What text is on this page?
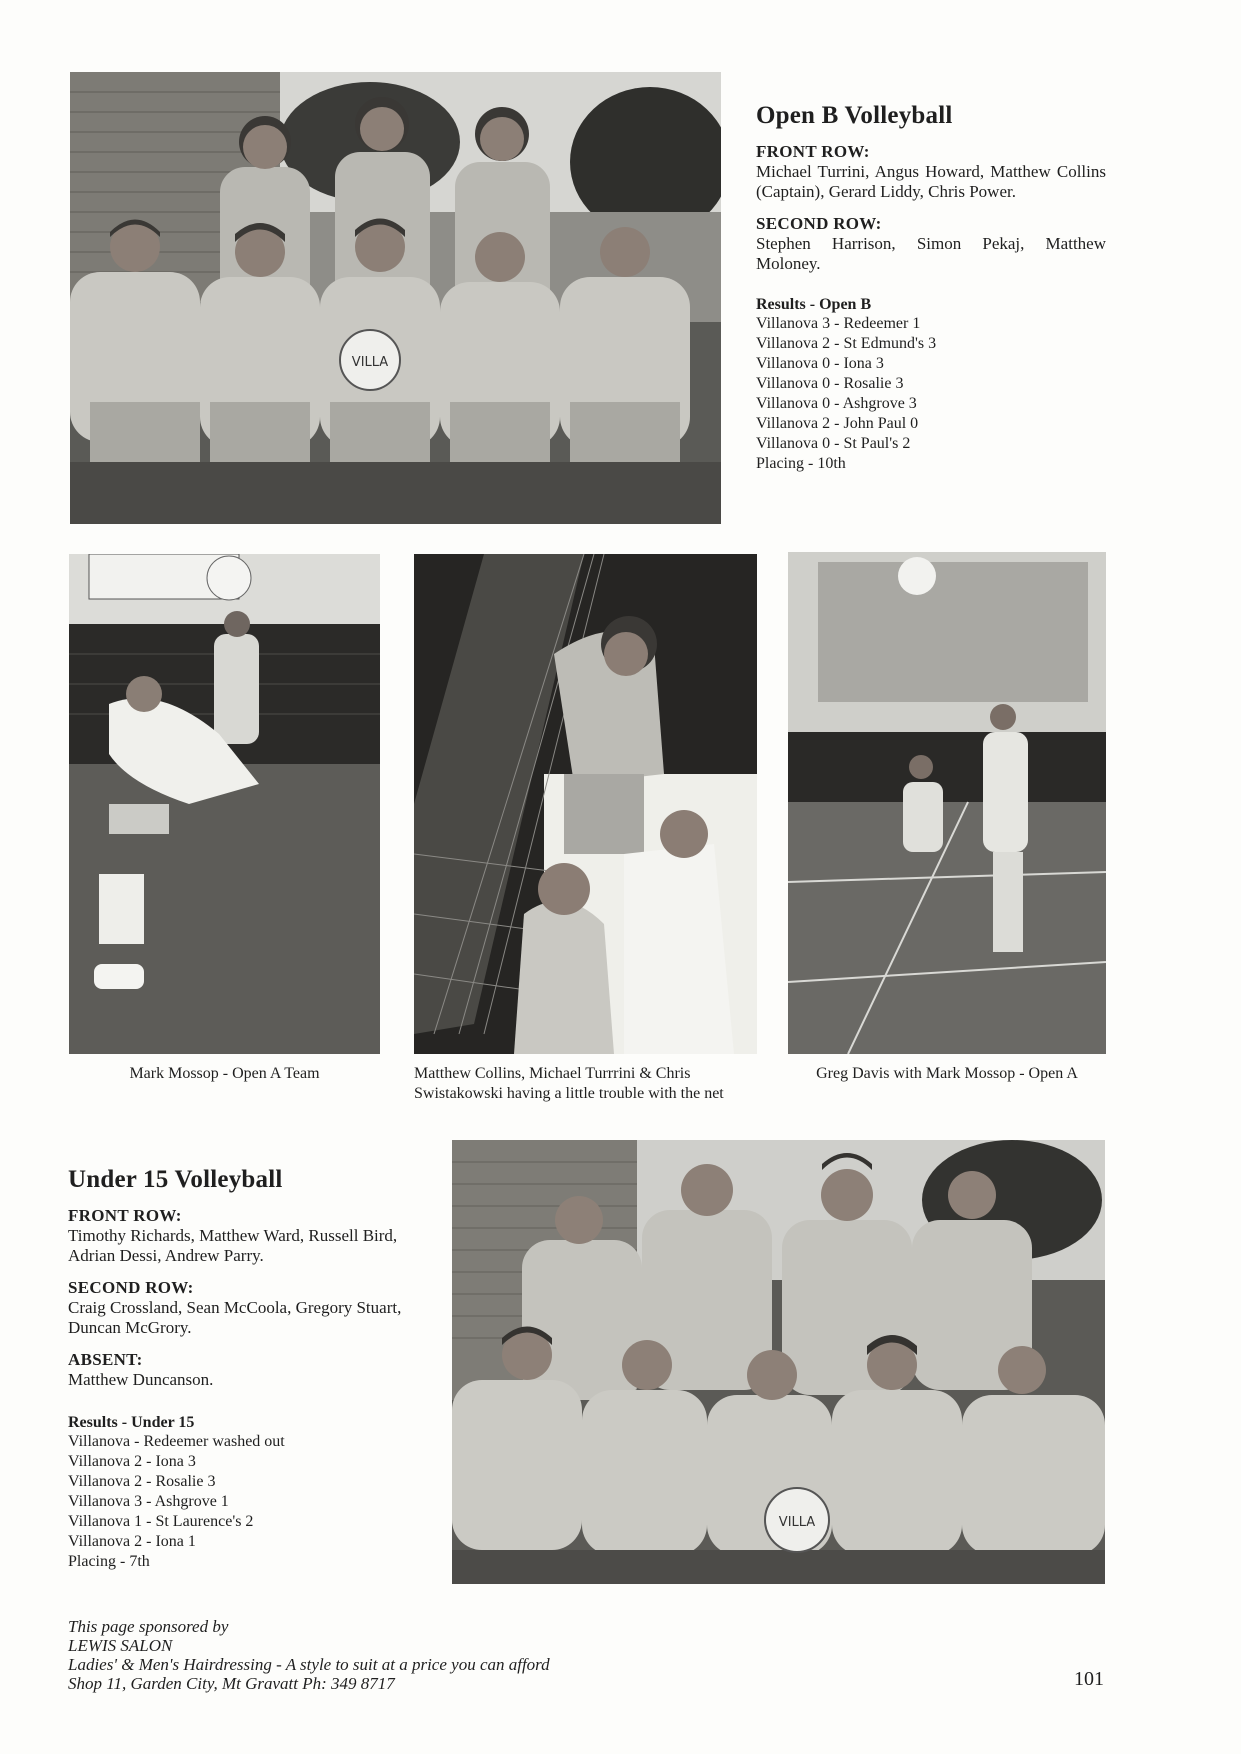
VILLA
Open B Volleyball
FRONT ROW:
Michael Turrini, Angus Howard, Matthew Collins (Captain), Gerard Liddy, Chris Power.
SECOND ROW:
Stephen Harrison, Simon Pekaj, Matthew Moloney.
Results - Open B
Villanova 3 - Redeemer 1
Villanova 2 - St Edmund's 3
Villanova 0 - Iona 3
Villanova 0 - Rosalie 3
Villanova 0 - Ashgrove 3
Villanova 2 - John Paul 0
Villanova 0 - St Paul's 2
Placing - 10th
Mark Mossop - Open A Team	Matthew Collins, Michael Turrrini & Chris Swistakowski having a little trouble with the net
Greg Davis with Mark Mossop - Open A
Under 15 Volleyball
FRONT ROW:
Timothy Richards, Matthew Ward, Russell Bird, Adrian Dessi, Andrew Parry.
SECOND ROW:
Craig Crossland, Sean McCoola, Gregory Stuart, Duncan McGrory.
ABSENT:
Matthew Duncanson.
Results - Under 15
Villanova - Redeemer washed out
Villanova 2 - Iona 3
Villanova 2 - Rosalie 3
Villanova 3 - Ashgrove 1
Villanova 1 - St Laurence's 2
Villanova 2 - Iona 1
Placing - 7th
VILLA
This page sponsored by
LEWIS SALON
Ladies' & Men's Hairdressing - A style to suit at a price you can afford
Shop 11, Garden City, Mt Gravatt Ph: 349 8717	101
